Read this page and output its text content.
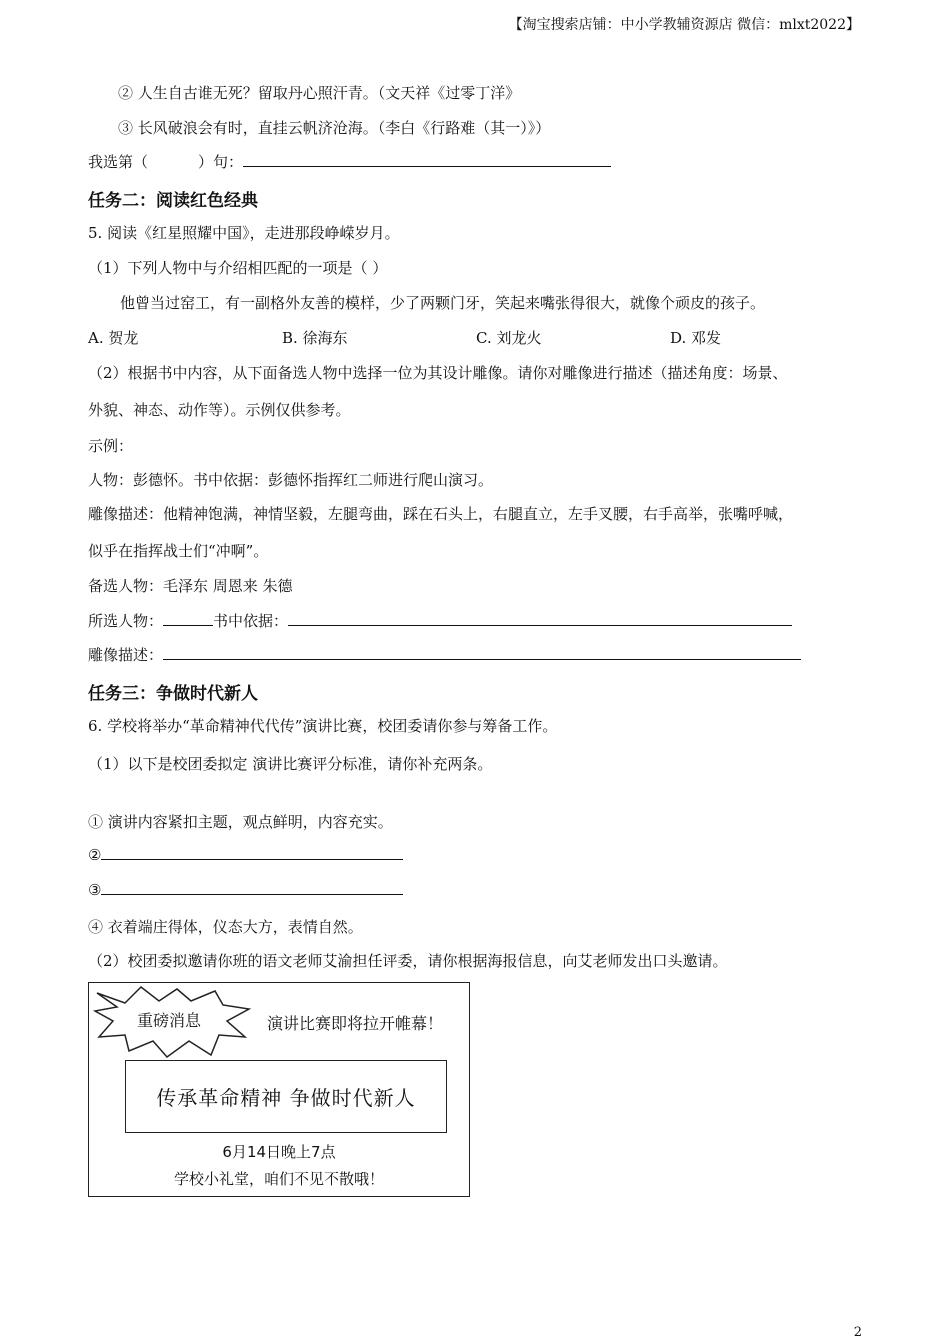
【淘宝搜索店铺：中小学教辅资源店 微信：mlxt2022】
② 人生自古谁无死？留取丹心照汗青。（文天祥《过零丁洋》
③ 长风破浪会有时，直挂云帆济沧海。（李白《行路难（其一）》）
我选第（	）句：
任务二：阅读红色经典
5. 阅读《红星照耀中国》，走进那段峥嵘岁月。
（1）下列人物中与介绍相匹配的一项是（ ）
他曾当过窑工，有一副格外友善的模样，少了两颗门牙，笑起来嘴张得很大，就像个顽皮的孩子。
A. 贺龙	B. 徐海东	C. 刘龙火	D. 邓发
（2）根据书中内容，从下面备选人物中选择一位为其设计雕像。请你对雕像进行描述（描述角度：场景、
外貌、神态、动作等）。示例仅供参考。
示例：
人物：彭德怀。书中依据：彭德怀指挥红二师进行爬山演习。
雕像描述：他精神饱满，神情坚毅，左腿弯曲，踩在石头上，右腿直立，左手叉腰，右手高举，张嘴呼喊，
似乎在指挥战士们“冲啊”。
备选人物：毛泽东 周恩来 朱德
所选人物：	书中依据：
雕像描述：
任务三：争做时代新人
6. 学校将举办“革命精神代代传”演讲比赛，校团委请你参与筹备工作。
（1）以下是校团委拟定 演讲比赛评分标准，请你补充两条。
① 演讲内容紧扣主题，观点鲜明，内容充实。
②
③
④ 衣着端庄得体，仪态大方，表情自然。
（2）校团委拟邀请你班的语文老师艾渝担任评委，请你根据海报信息，向艾老师发出口头邀请。
重磅消息	演讲比赛即将拉开帷幕！
传承革命精神 争做时代新人
6月14日晚上7点
学校小礼堂，咱们不见不散哦！
2
